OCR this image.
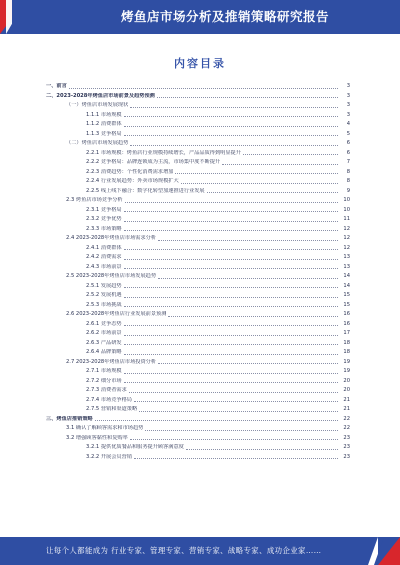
烤鱼店市场分析及推销策略研究报告
内容目录
一、前言	3
二、2023-2028年烤鱼店市场前景及趋势预测	3
（一）烤鱼店市场发展现状	3
1.1.1 市场规模	3
1.1.2 消费群体	4
1.1.3 竞争格局	5
（二）烤鱼店市场发展趋势	6
2.2.1 市场规模：烤鱼店行业规模持续增长，产品品质得到明显提升	6
2.2.2 竞争格局：品牌连锁成为主流，市场集中度不断提升	7
2.2.3 消费趋势：个性化消费需求增加	8
2.2.4 行业发展趋势：外卖市场规模扩大	8
2.2.5 线上线下融合：数字化转型加速推进行业发展	9
2.3 烤鱼店市场竞争分析	10
2.3.1 竞争格局	10
2.3.2 竞争优势	11
2.3.3 市场策略	12
2.4 2023-2028年烤鱼店市场需求分析	12
2.4.1 消费群体	12
2.4.2 消费需求	13
2.4.3 市场前景	13
2.5 2023-2028年烤鱼店市场发展趋势	14
2.5.1 发展趋势	14
2.5.2 发展机遇	15
2.5.3 市场挑战	15
2.6 2023-2028年烤鱼店行业发展前景预测	16
2.6.1 竞争态势	16
2.6.2 市场前景	17
2.6.3 产品研发	18
2.6.4 品牌策略	18
2.7 2023-2028年烤鱼店市场投资分析	19
2.7.1 市场规模	19
2.7.2 细分市场	20
2.7.3 消费者需求	20
2.7.4 市场竞争格局	21
2.7.5 营销和渠道策略	21
三、烤鱼店推销策略	22
3.1 确认了解顾客需求和市场趋势	22
3.2 增强顾客黏性和复购率	23
3.2.1 提供优质餐品和服务提升顾客满意度	23
3.2.2 开展会员营销	23
让每个人都能成为 行业专家、管理专家、营销专家、战略专家、成功企业家……
